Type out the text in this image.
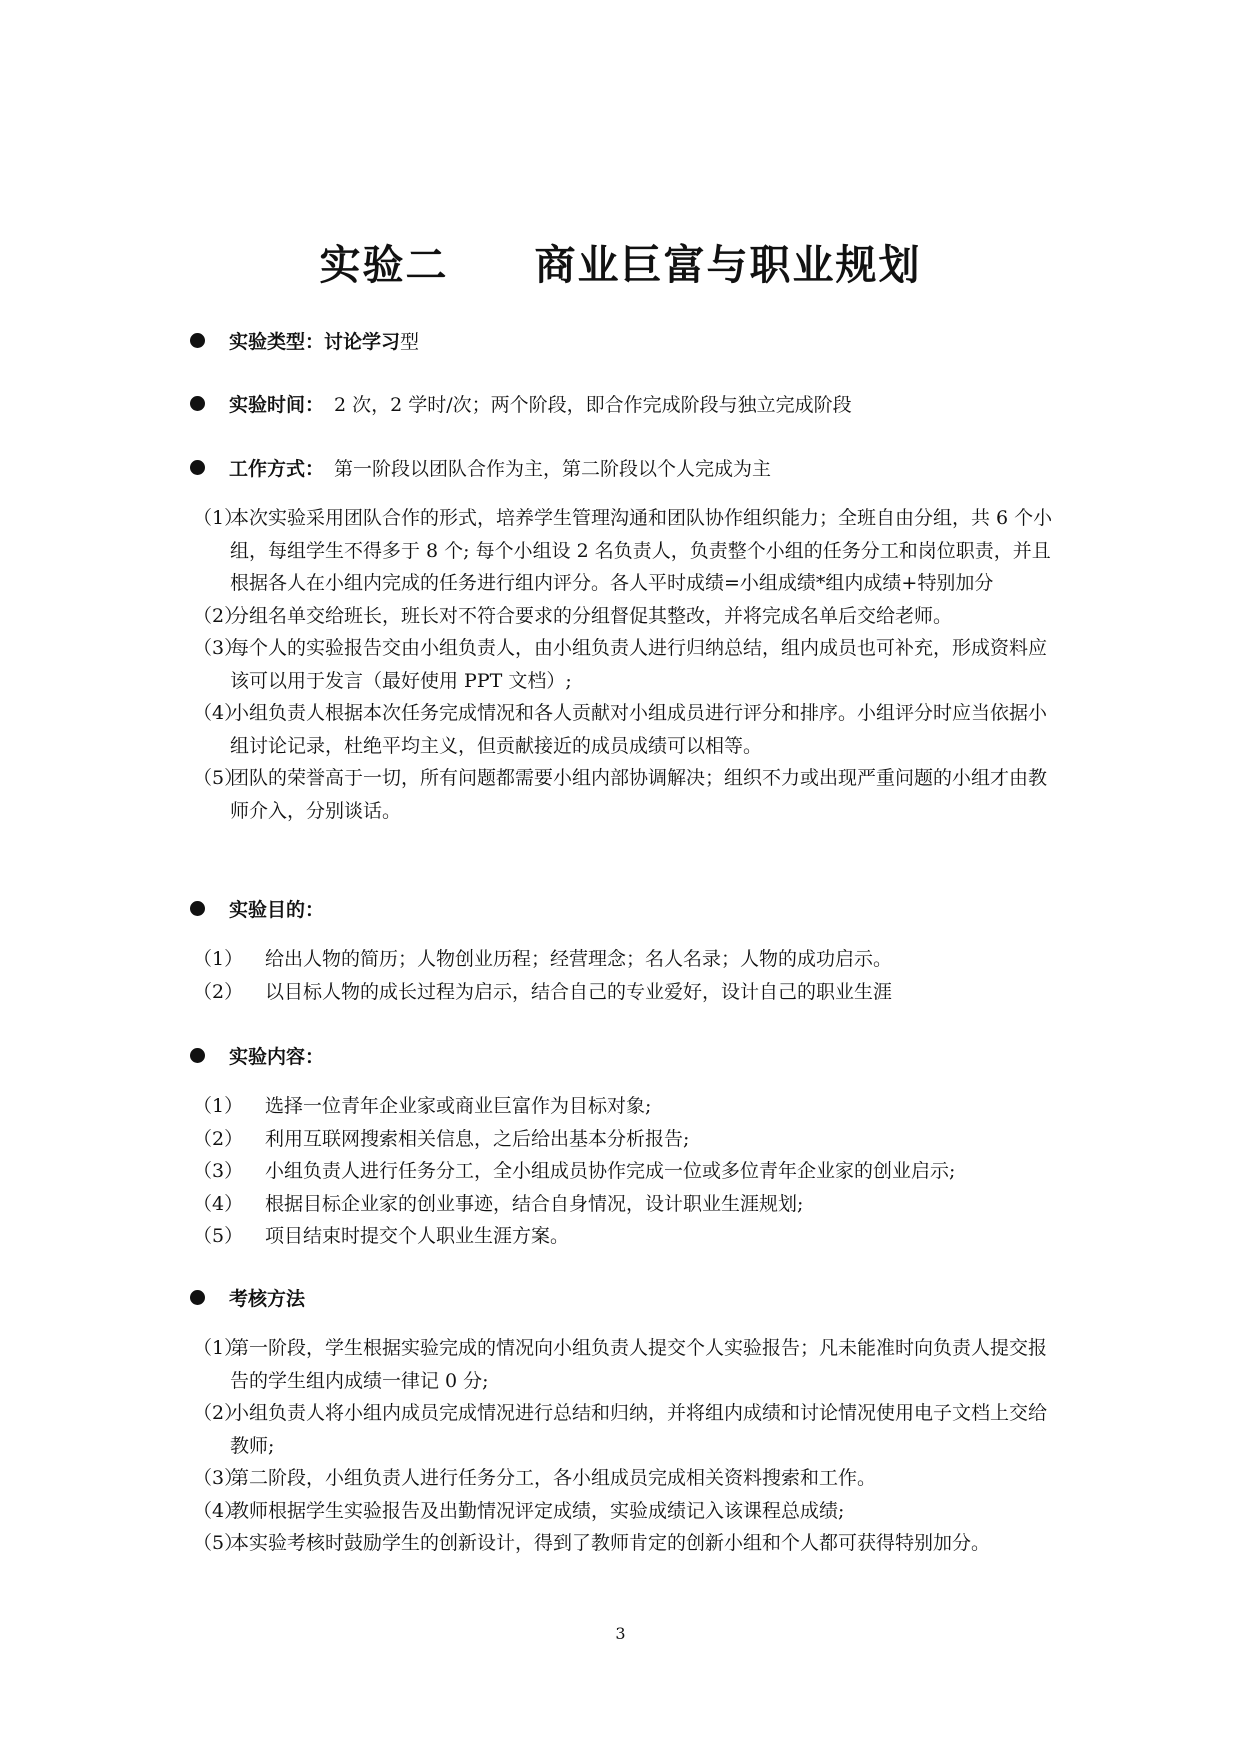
实验二　　商业巨富与职业规划
实验类型：讨论学习 型
实验时间： 2 次，2 学时/次；两个阶段，即合作完成阶段与独立完成阶段
工作方式： 第一阶段以团队合作为主，第二阶段以个人完成为主
（1）
本次实验采用团队合作的形式，培养学生管理沟通和团队协作组织能力；全班自由分组，共 6 个小组，每组学生不得多于 8 个; 每个小组设 2 名负责人，负责整个小组的任务分工和岗位职责，并且根据各人在小组内完成的任务进行组内评分。各人平时成绩=小组成绩*组内成绩+特别加分
（2）
分组名单交给班长，班长对不符合要求的分组督促其整改，并将完成名单后交给老师。
（3）
每个人的实验报告交由小组负责人，由小组负责人进行归纳总结，组内成员也可补充，形成资料应该可以用于发言（最好使用 PPT 文档）;
（4）
小组负责人根据本次任务完成情况和各人贡献对小组成员进行评分和排序。小组评分时应当依据小组讨论记录，杜绝平均主义，但贡献接近的成员成绩可以相等。
（5）
团队的荣誉高于一切，所有问题都需要小组内部协调解决；组织不力或出现严重问题的小组才由教师介入，分别谈话。
实验目的：
（1） 给出人物的简历；人物创业历程；经营理念；名人名录；人物的成功启示。
（2） 以目标人物的成长过程为启示，结合自己的专业爱好，设计自己的职业生涯
实验内容：
（1） 选择一位青年企业家或商业巨富作为目标对象;
（2） 利用互联网搜索相关信息，之后给出基本分析报告;
（3） 小组负责人进行任务分工，全小组成员协作完成一位或多位青年企业家的创业启示;
（4） 根据目标企业家的创业事迹，结合自身情况，设计职业生涯规划;
（5） 项目结束时提交个人职业生涯方案。
考核方法
（1）
第一阶段，学生根据实验完成的情况向小组负责人提交个人实验报告；凡未能准时向负责人提交报告的学生组内成绩一律记 0 分;
（2）
小组负责人将小组内成员完成情况进行总结和归纳，并将组内成绩和讨论情况使用电子文档上交给教师;
（3）
第二阶段，小组负责人进行任务分工，各小组成员完成相关资料搜索和工作。
（4）
教师根据学生实验报告及出勤情况评定成绩，实验成绩记入该课程总成绩;
（5）
本实验考核时鼓励学生的创新设计，得到了教师肯定的创新小组和个人都可获得特别加分。
3
